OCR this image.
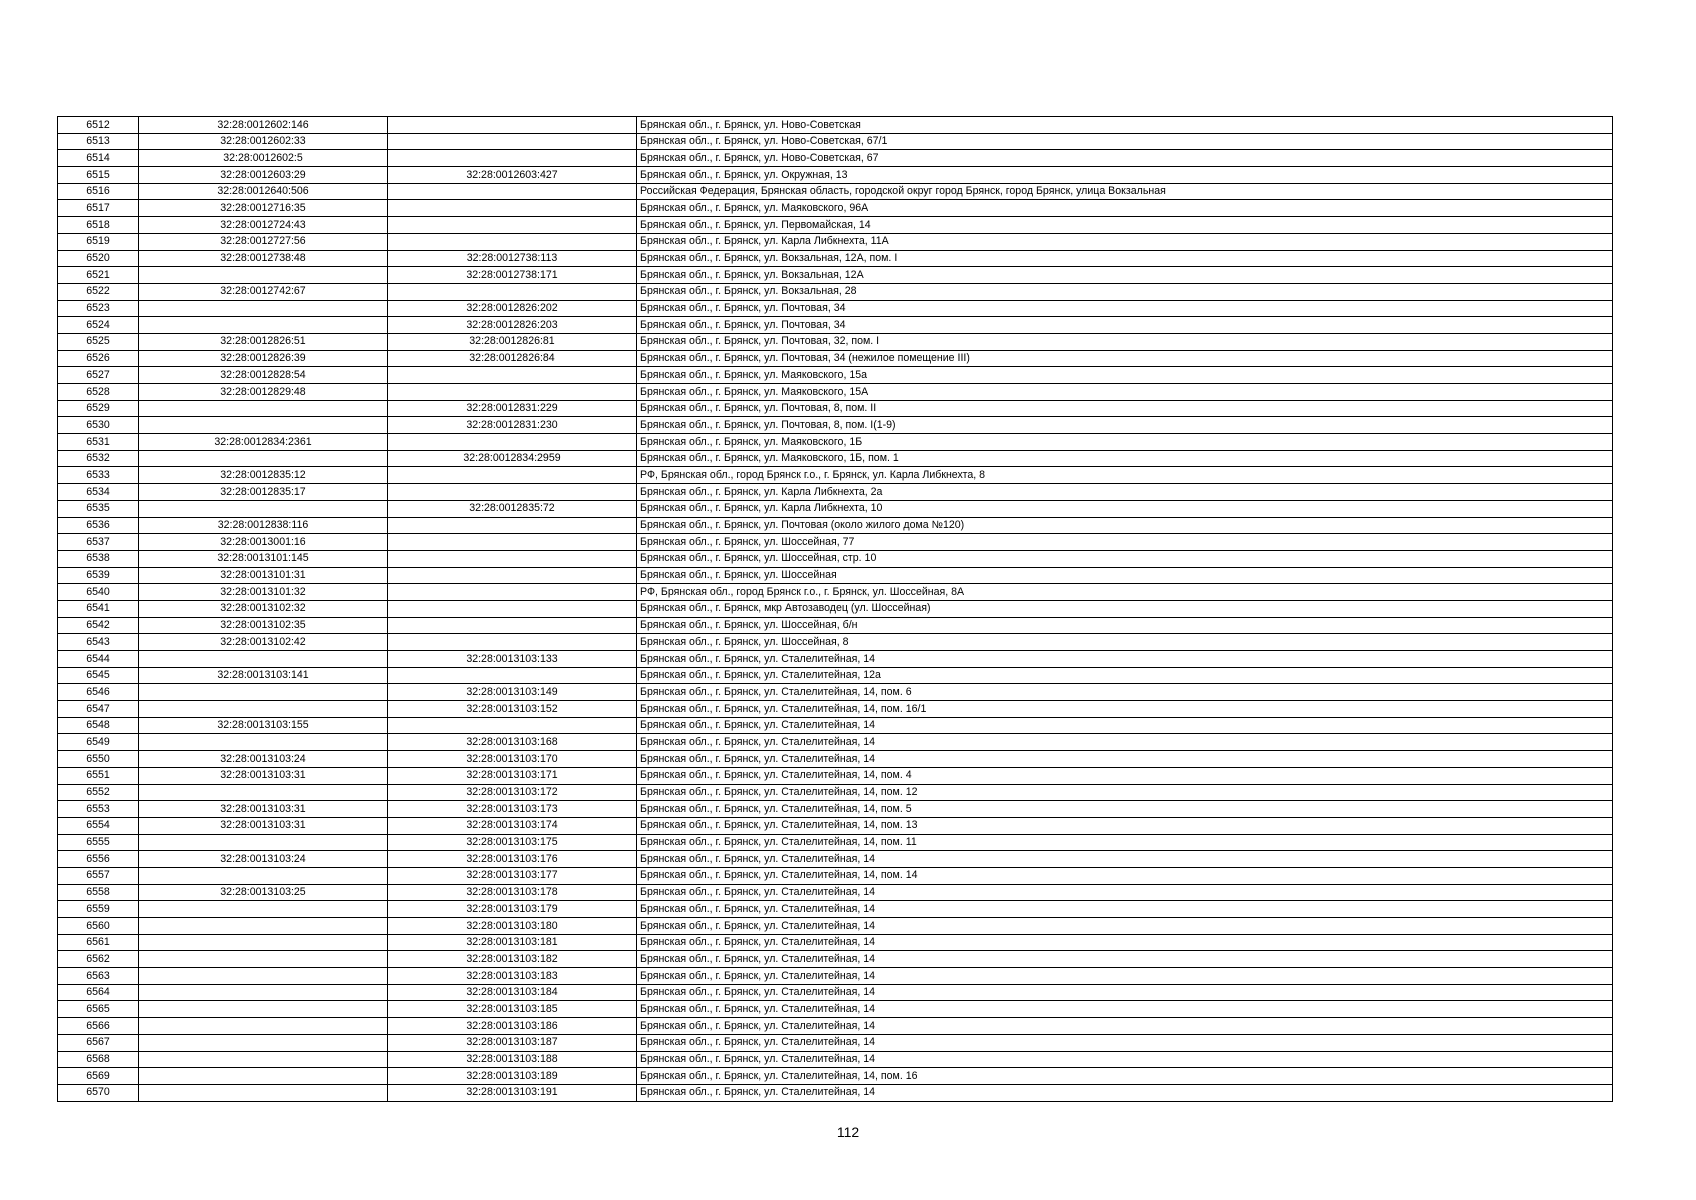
6512	32:28:0012602:146		Брянская обл., г. Брянск, ул. Ново-Советская
6513	32:28:0012602:33		Брянская обл., г. Брянск, ул. Ново-Советская, 67/1
6514	32:28:0012602:5		Брянская обл., г. Брянск, ул. Ново-Советская, 67
6515	32:28:0012603:29	32:28:0012603:427	Брянская обл., г. Брянск, ул. Окружная, 13
6516	32:28:0012640:506		Российская Федерация, Брянская область, городской округ город Брянск, город Брянск, улица Вокзальная
6517	32:28:0012716:35		Брянская обл., г. Брянск, ул. Маяковского, 96А
6518	32:28:0012724:43		Брянская обл., г. Брянск, ул. Первомайская, 14
6519	32:28:0012727:56		Брянская обл., г. Брянск, ул. Карла Либкнехта, 11А
6520	32:28:0012738:48	32:28:0012738:113	Брянская обл., г. Брянск, ул. Вокзальная, 12А, пом. I
6521		32:28:0012738:171	Брянская обл., г. Брянск, ул. Вокзальная, 12А
6522	32:28:0012742:67		Брянская обл., г. Брянск, ул. Вокзальная, 28
6523		32:28:0012826:202	Брянская обл., г. Брянск, ул. Почтовая, 34
6524		32:28:0012826:203	Брянская обл., г. Брянск, ул. Почтовая, 34
6525	32:28:0012826:51	32:28:0012826:81	Брянская обл., г. Брянск, ул. Почтовая, 32, пом. I
6526	32:28:0012826:39	32:28:0012826:84	Брянская обл., г. Брянск, ул. Почтовая, 34 (нежилое помещение III)
6527	32:28:0012828:54		Брянская обл., г. Брянск, ул. Маяковского, 15а
6528	32:28:0012829:48		Брянская обл., г. Брянск, ул. Маяковского, 15А
6529		32:28:0012831:229	Брянская обл., г. Брянск, ул. Почтовая, 8, пом. II
6530		32:28:0012831:230	Брянская обл., г. Брянск, ул. Почтовая, 8, пом. I(1-9)
6531	32:28:0012834:2361		Брянская обл., г. Брянск, ул. Маяковского, 1Б
6532		32:28:0012834:2959	Брянская обл., г. Брянск, ул. Маяковского, 1Б, пом. 1
6533	32:28:0012835:12		РФ, Брянская обл., город Брянск г.о., г. Брянск, ул. Карла Либкнехта, 8
6534	32:28:0012835:17		Брянская обл., г. Брянск, ул. Карла Либкнехта, 2а
6535		32:28:0012835:72	Брянская обл., г. Брянск, ул. Карла Либкнехта, 10
6536	32:28:0012838:116		Брянская обл., г. Брянск, ул. Почтовая (около жилого дома №120)
6537	32:28:0013001:16		Брянская обл., г. Брянск, ул. Шоссейная, 77
6538	32:28:0013101:145		Брянская обл., г. Брянск, ул. Шоссейная, стр. 10
6539	32:28:0013101:31		Брянская обл., г. Брянск, ул. Шоссейная
6540	32:28:0013101:32		РФ, Брянская обл., город Брянск г.о., г. Брянск, ул. Шоссейная, 8А
6541	32:28:0013102:32		Брянская обл., г. Брянск, мкр Автозаводец (ул. Шоссейная)
6542	32:28:0013102:35		Брянская обл., г. Брянск, ул. Шоссейная, б/н
6543	32:28:0013102:42		Брянская обл., г. Брянск, ул. Шоссейная, 8
6544		32:28:0013103:133	Брянская обл., г. Брянск, ул. Сталелитейная, 14
6545	32:28:0013103:141		Брянская обл., г. Брянск, ул. Сталелитейная, 12а
6546		32:28:0013103:149	Брянская обл., г. Брянск, ул. Сталелитейная, 14, пом. 6
6547		32:28:0013103:152	Брянская обл., г. Брянск, ул. Сталелитейная, 14, пом. 16/1
6548	32:28:0013103:155		Брянская обл., г. Брянск, ул. Сталелитейная, 14
6549		32:28:0013103:168	Брянская обл., г. Брянск, ул. Сталелитейная, 14
6550	32:28:0013103:24	32:28:0013103:170	Брянская обл., г. Брянск, ул. Сталелитейная, 14
6551	32:28:0013103:31	32:28:0013103:171	Брянская обл., г. Брянск, ул. Сталелитейная, 14, пом. 4
6552		32:28:0013103:172	Брянская обл., г. Брянск, ул. Сталелитейная, 14, пом. 12
6553	32:28:0013103:31	32:28:0013103:173	Брянская обл., г. Брянск, ул. Сталелитейная, 14, пом. 5
6554	32:28:0013103:31	32:28:0013103:174	Брянская обл., г. Брянск, ул. Сталелитейная, 14, пом. 13
6555		32:28:0013103:175	Брянская обл., г. Брянск, ул. Сталелитейная, 14, пом. 11
6556	32:28:0013103:24	32:28:0013103:176	Брянская обл., г. Брянск, ул. Сталелитейная, 14
6557		32:28:0013103:177	Брянская обл., г. Брянск, ул. Сталелитейная, 14, пом. 14
6558	32:28:0013103:25	32:28:0013103:178	Брянская обл., г. Брянск, ул. Сталелитейная, 14
6559		32:28:0013103:179	Брянская обл., г. Брянск, ул. Сталелитейная, 14
6560		32:28:0013103:180	Брянская обл., г. Брянск, ул. Сталелитейная, 14
6561		32:28:0013103:181	Брянская обл., г. Брянск, ул. Сталелитейная, 14
6562		32:28:0013103:182	Брянская обл., г. Брянск, ул. Сталелитейная, 14
6563		32:28:0013103:183	Брянская обл., г. Брянск, ул. Сталелитейная, 14
6564		32:28:0013103:184	Брянская обл., г. Брянск, ул. Сталелитейная, 14
6565		32:28:0013103:185	Брянская обл., г. Брянск, ул. Сталелитейная, 14
6566		32:28:0013103:186	Брянская обл., г. Брянск, ул. Сталелитейная, 14
6567		32:28:0013103:187	Брянская обл., г. Брянск, ул. Сталелитейная, 14
6568		32:28:0013103:188	Брянская обл., г. Брянск, ул. Сталелитейная, 14
6569		32:28:0013103:189	Брянская обл., г. Брянск, ул. Сталелитейная, 14, пом. 16
6570		32:28:0013103:191	Брянская обл., г. Брянск, ул. Сталелитейная, 14
112
